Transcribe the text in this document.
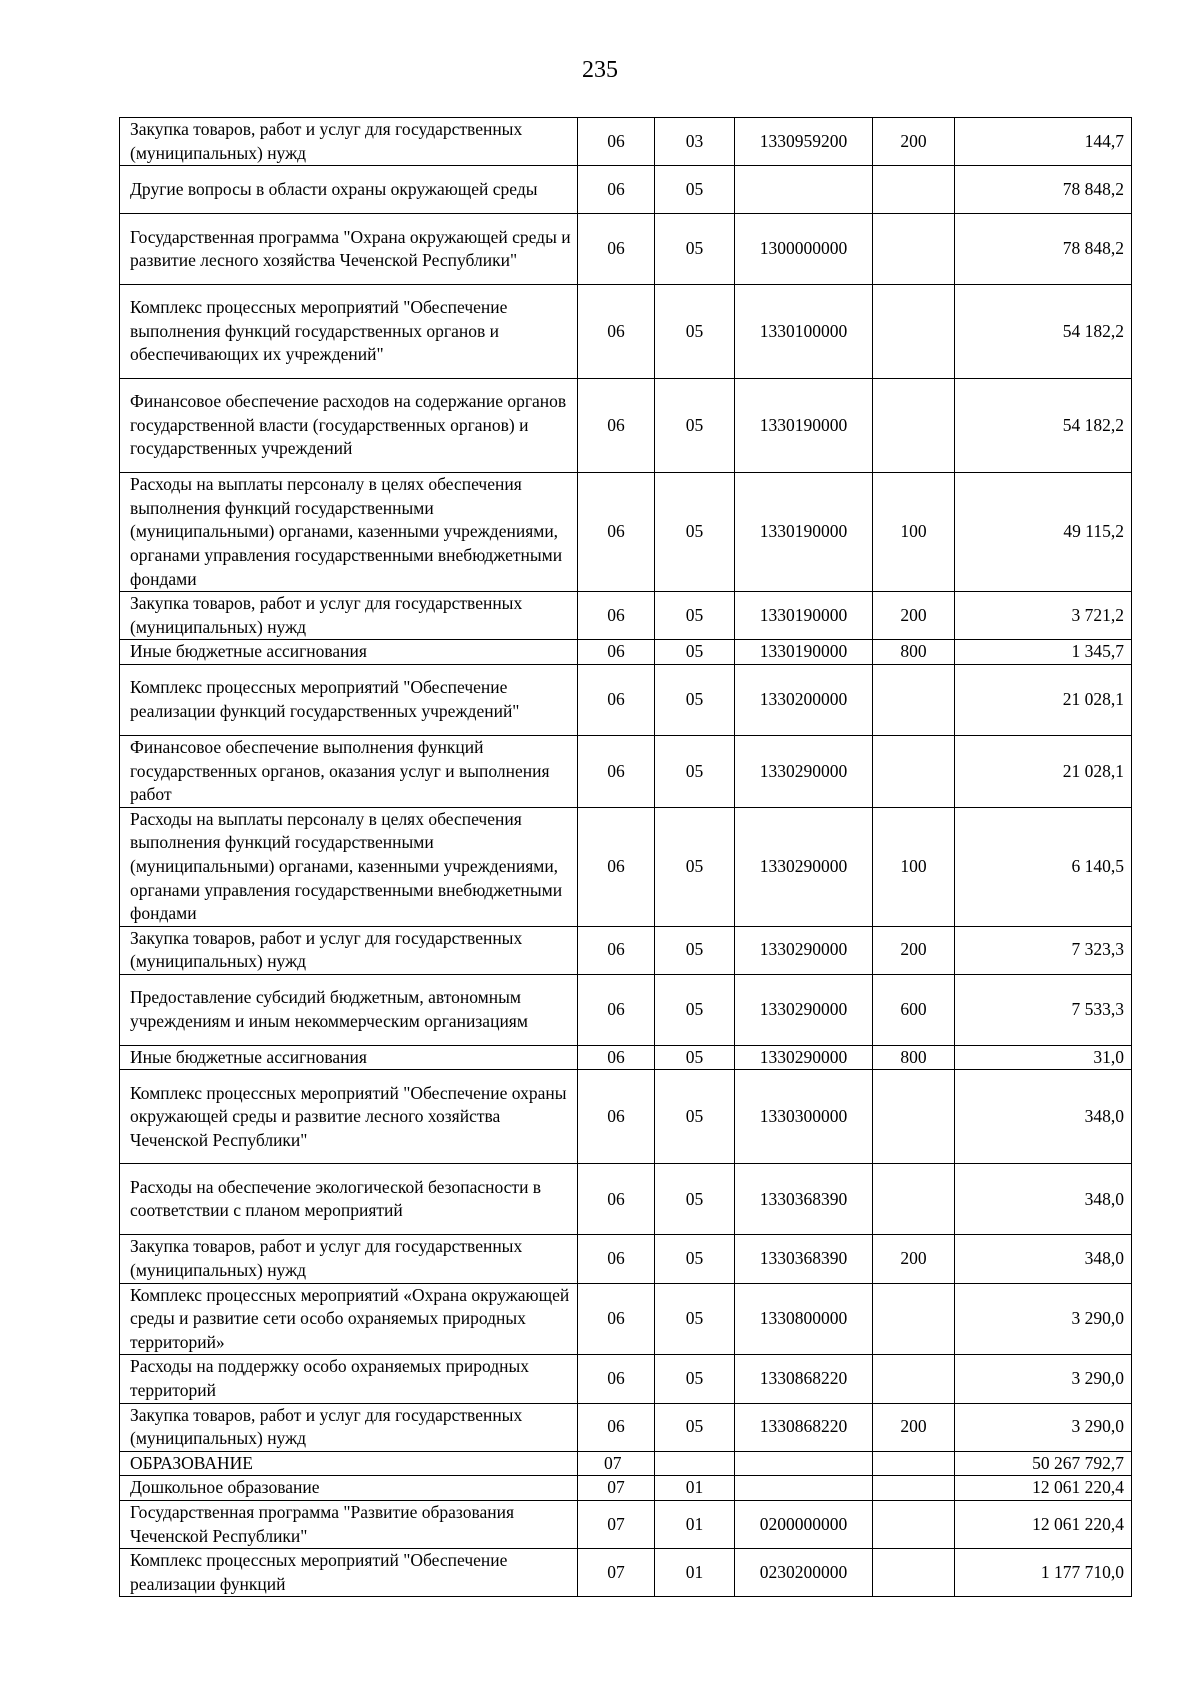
235
Закупка товаров, работ и услуг для государственных (муниципальных) нужд	06	03	1330959200	200	144,7
Другие вопросы в области охраны окружающей среды	06	05			78 848,2
Государственная программа "Охрана окружающей среды и развитие лесного хозяйства Чеченской Республики"	06	05	1300000000		78 848,2
Комплекс процессных мероприятий "Обеспечение выполнения функций государственных органов и обеспечивающих их учреждений"	06	05	1330100000		54 182,2
Финансовое обеспечение расходов на содержание органов государственной власти (государственных органов) и государственных учреждений	06	05	1330190000		54 182,2
Расходы на выплаты персоналу в целях обеспечения выполнения функций государственными (муниципальными) органами, казенными учреждениями, органами управления государственными внебюджетными фондами	06	05	1330190000	100	49 115,2
Закупка товаров, работ и услуг для государственных (муниципальных) нужд	06	05	1330190000	200	3 721,2
Иные бюджетные ассигнования	06	05	1330190000	800	1 345,7
Комплекс процессных мероприятий "Обеспечение реализации функций государственных учреждений"	06	05	1330200000		21 028,1
Финансовое обеспечение выполнения функций государственных органов, оказания услуг и выполнения работ	06	05	1330290000		21 028,1
Расходы на выплаты персоналу в целях обеспечения выполнения функций государственными (муниципальными) органами, казенными учреждениями, органами управления государственными внебюджетными фондами	06	05	1330290000	100	6 140,5
Закупка товаров, работ и услуг для государственных (муниципальных) нужд	06	05	1330290000	200	7 323,3
Предоставление субсидий бюджетным, автономным учреждениям и иным некоммерческим организациям	06	05	1330290000	600	7 533,3
Иные бюджетные ассигнования	06	05	1330290000	800	31,0
Комплекс процессных мероприятий "Обеспечение охраны окружающей среды и развитие лесного хозяйства Чеченской Республики"	06	05	1330300000		348,0
Расходы на обеспечение экологической безопасности в соответствии с планом мероприятий	06	05	1330368390		348,0
Закупка товаров, работ и услуг для государственных (муниципальных) нужд	06	05	1330368390	200	348,0
Комплекс процессных мероприятий «Охрана окружающей среды и развитие сети особо охраняемых природных территорий»	06	05	1330800000		3 290,0
Расходы на поддержку особо охраняемых природных территорий	06	05	1330868220		3 290,0
Закупка товаров, работ и услуг для государственных (муниципальных) нужд	06	05	1330868220	200	3 290,0
ОБРАЗОВАНИЕ	07				50 267 792,7
Дошкольное образование	07	01			12 061 220,4
Государственная программа "Развитие образования Чеченской Республики"	07	01	0200000000		12 061 220,4
Комплекс процессных мероприятий "Обеспечение реализации функций	07	01	0230200000		1 177 710,0
